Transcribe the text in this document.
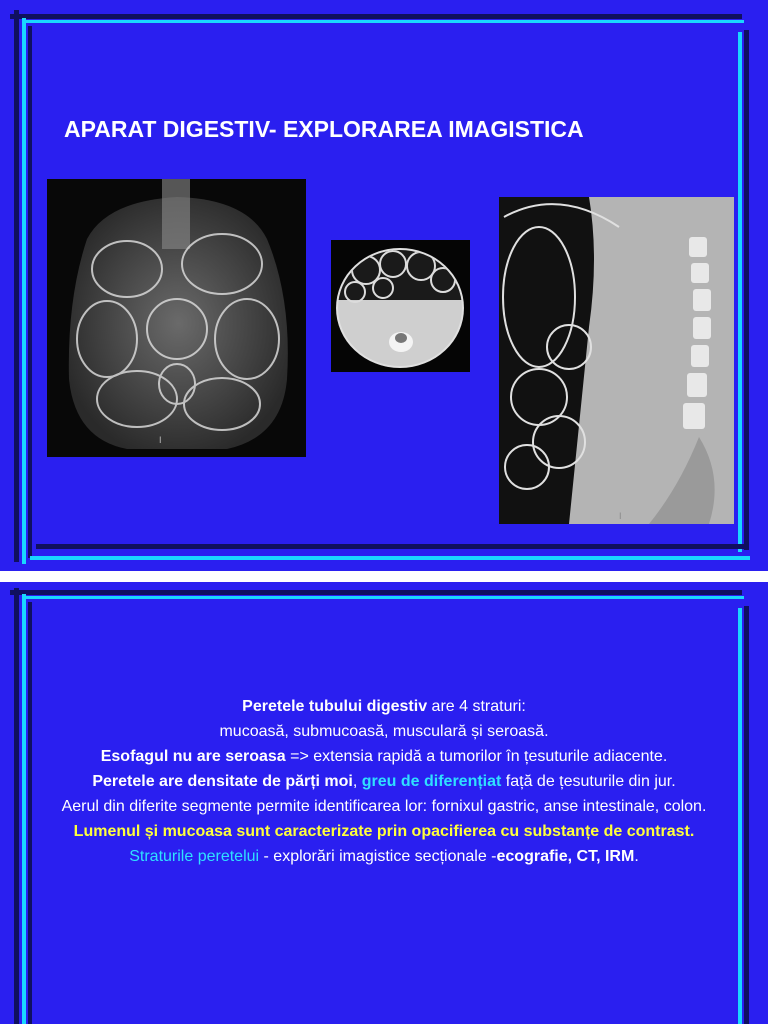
APARAT DIGESTIV- EXPLORAREA IMAGISTICA
I
I

Peretele tubului digestiv are 4 straturi:

mucoasă, submucoasă, musculară și seroasă.

Esofagul nu are seroasa => extensia rapidă a tumorilor în țesuturile adiacente.

Peretele are densitate de părți moi, greu de diferențiat față de țesuturile din jur.

Aerul din diferite segmente permite identificarea lor: fornixul gastric, anse intestinale, colon.

Lumenul și mucoasa sunt caracterizate prin opacifierea cu substanțe de contrast.

Straturile peretelui - explorări imagistice secționale -ecografie, CT, IRM.
